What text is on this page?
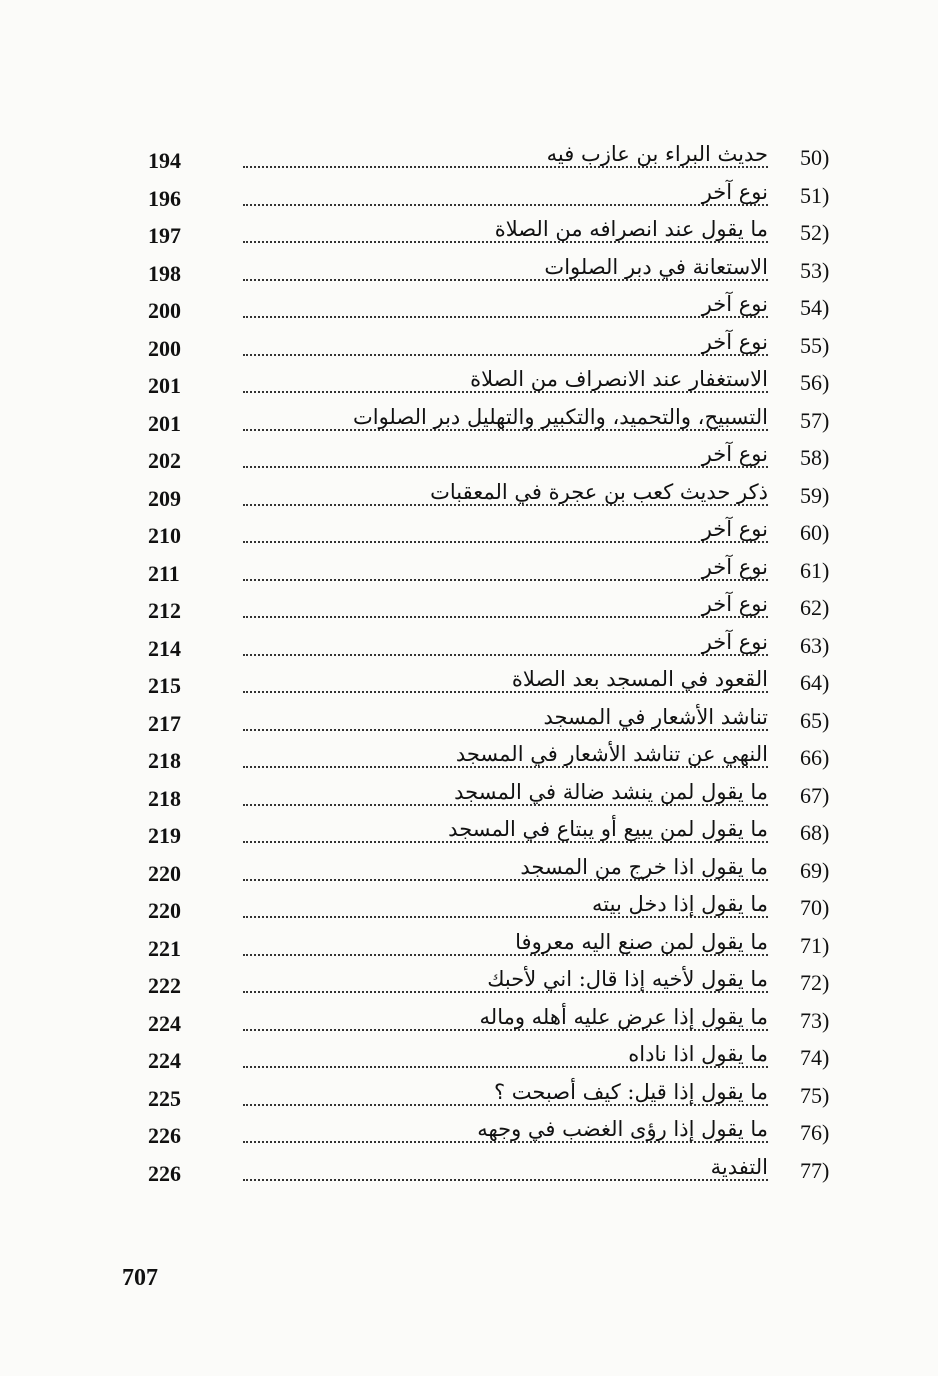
حديث البراء بن عازب فيه 50)
194
نوع آخر 51)
196
ما يقول عند انصرافه من الصلاة 52)
197
الاستعانة في دبر الصلوات 53)
198
نوع آخر 54)
200
نوع آخر 55)
200
الاستغفار عند الانصراف من الصلاة 56)
201
التسبيح، والتحميد، والتكبير والتهليل دبر الصلوات 57)
201
نوع آخر 58)
202
ذكر حديث كعب بن عجرة في المعقبات 59)
209
نوع آخر 60)
210
نوع آخر 61)
211
نوع آخر 62)
212
نوع آخر 63)
214
القعود في المسجد بعد الصلاة 64)
215
تناشد الأشعار في المسجد 65)
217
النهي عن تناشد الأشعار في المسجد 66)
218
ما يقول لمن ينشد ضالة في المسجد 67)
218
ما يقول لمن يبيع أو يبتاع في المسجد 68)
219
ما يقول اذا خرج من المسجد 69)
220
ما يقول إذا دخل بيته 70)
220
ما يقول لمن صنع اليه معروفا 71)
221
ما يقول لأخيه إذا قال: اني لأحبك 72)
222
ما يقول إذا عرض عليه أهله وماله 73)
224
ما يقول اذا ناداه 74)
224
ما يقول إذا قيل: كيف أصبحت ؟ 75)
225
ما يقول إذا رؤى الغضب في وجهه 76)
226
التفدية 77)
226
707
